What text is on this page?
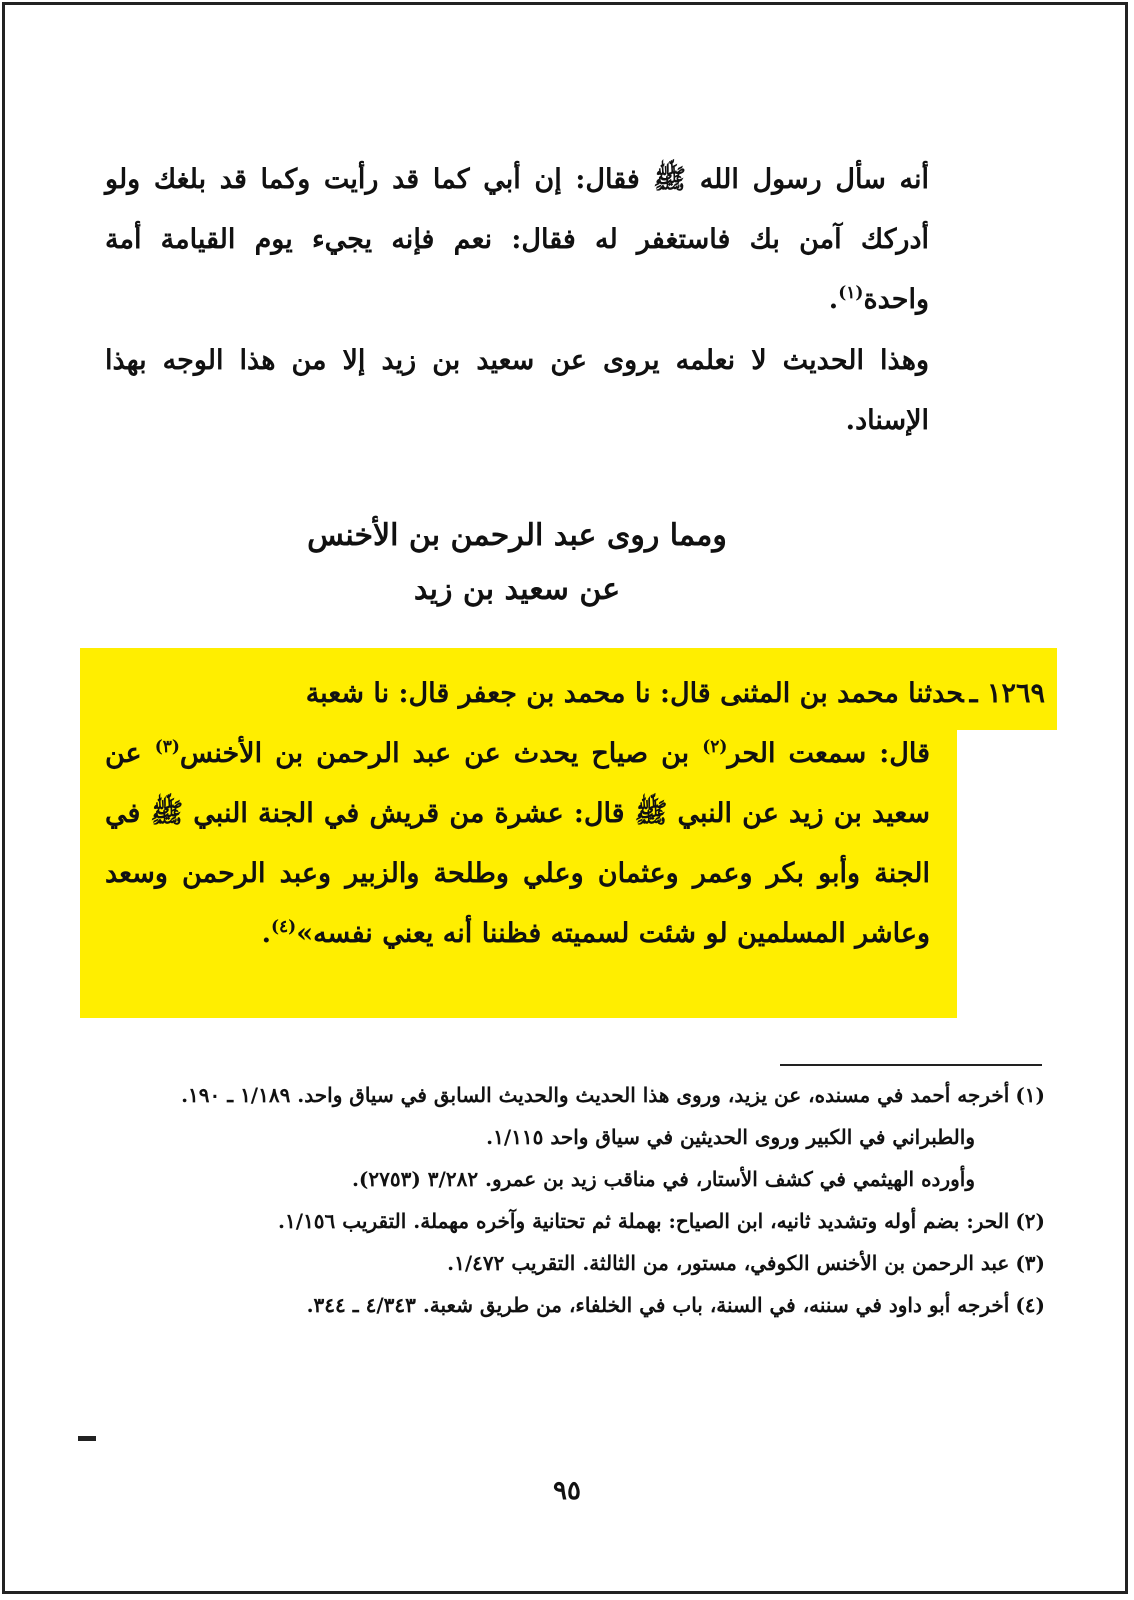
أنه سأل رسول الله ﷺ فقال: إن أبي كما قد رأيت وكما قد بلغك ولو أدركك آمن بك فاستغفر له فقال: نعم فإنه يجيء يوم القيامة أمة واحدة$^{(١)}$.
وهذا الحديث لا نعلمه يروى عن سعيد بن زيد إلا من هذا الوجه بهذا الإسناد.
ومما روى عبد الرحمن بن الأخنس
عن سعيد بن زيد
١٢٦٩ ـحدثنا محمد بن المثنى قال: نا محمد بن جعفر قال: نا شعبة
قال: سمعت الحر$^{(٢)}$ بن صياح يحدث عن عبد الرحمن بن الأخنس$^{(٣)}$ عن سعيد بن زيد عن النبي ﷺ قال: عشرة من قريش في الجنة النبي ﷺ في الجنة وأبو بكر وعمر وعثمان وعلي وطلحة والزبير وعبد الرحمن وسعد وعاشر المسلمين لو شئت لسميته فظننا أنه يعني نفسه»$^{(٤)}$.

(١)أخرجه أحمد في مسنده، عن يزيد، وروى هذا الحديث والحديث السابق في سياق واحد. ١/١٨٩ ـ ١٩٠.

والطبراني في الكبير وروى الحديثين في سياق واحد ١/١١٥.

وأورده الهيثمي في كشف الأستار، في مناقب زيد بن عمرو. ٣/٢٨٢ (٢٧٥٣).

(٢)الحر: بضم أوله وتشديد ثانيه، ابن الصياح: بهملة ثم تحتانية وآخره مهملة. التقريب ١/١٥٦.

(٣)عبد الرحمن بن الأخنس الكوفي، مستور، من الثالثة. التقريب ١/٤٧٢.

(٤)أخرجه أبو داود في سننه، في السنة، باب في الخلفاء، من طريق شعبة. ٤/٣٤٣ ـ ٣٤٤.

٩٥
